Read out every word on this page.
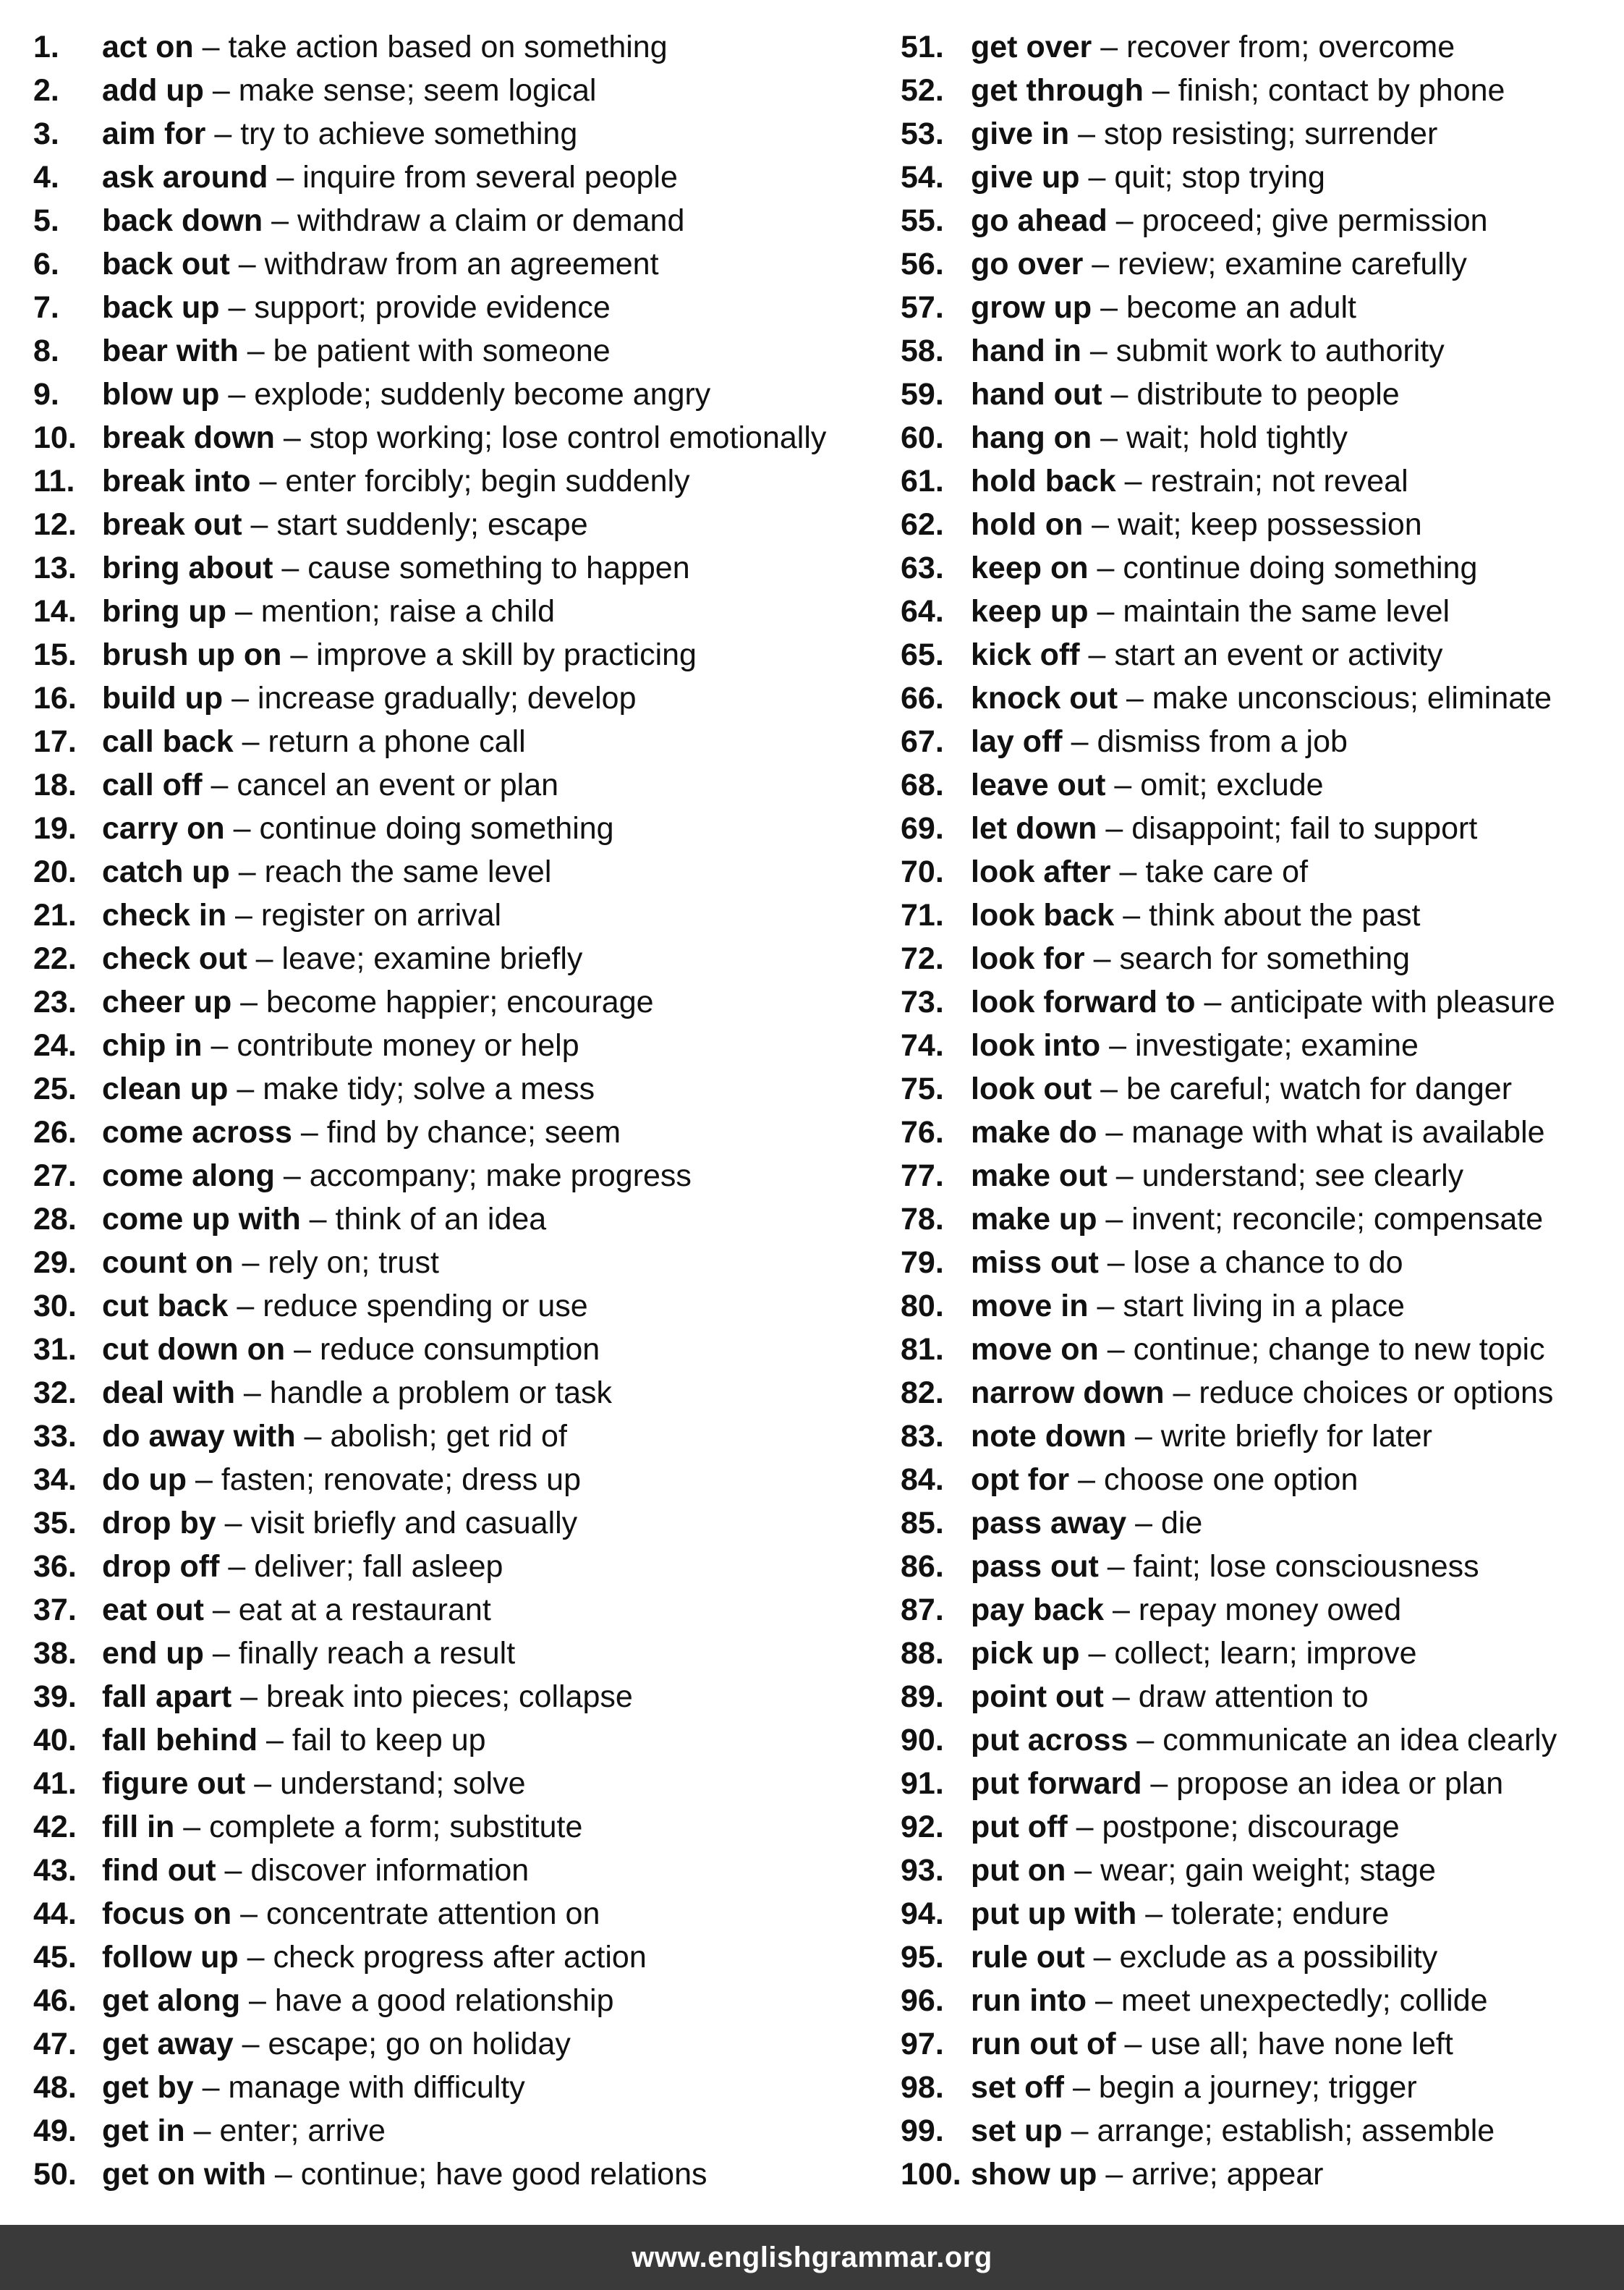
1. act on – take action based on something
2. add up – make sense; seem logical
3. aim for – try to achieve something
4. ask around – inquire from several people
5. back down – withdraw a claim or demand
6. back out – withdraw from an agreement
7. back up – support; provide evidence
8. bear with – be patient with someone
9. blow up – explode; suddenly become angry
10. break down – stop working; lose control emotionally
11. break into – enter forcibly; begin suddenly
12. break out – start suddenly; escape
13. bring about – cause something to happen
14. bring up – mention; raise a child
15. brush up on – improve a skill by practicing
16. build up – increase gradually; develop
17. call back – return a phone call
18. call off – cancel an event or plan
19. carry on – continue doing something
20. catch up – reach the same level
21. check in – register on arrival
22. check out – leave; examine briefly
23. cheer up – become happier; encourage
24. chip in – contribute money or help
25. clean up – make tidy; solve a mess
26. come across – find by chance; seem
27. come along – accompany; make progress
28. come up with – think of an idea
29. count on – rely on; trust
30. cut back – reduce spending or use
31. cut down on – reduce consumption
32. deal with – handle a problem or task
33. do away with – abolish; get rid of
34. do up – fasten; renovate; dress up
35. drop by – visit briefly and casually
36. drop off – deliver; fall asleep
37. eat out – eat at a restaurant
38. end up – finally reach a result
39. fall apart – break into pieces; collapse
40. fall behind – fail to keep up
41. figure out – understand; solve
42. fill in – complete a form; substitute
43. find out – discover information
44. focus on – concentrate attention on
45. follow up – check progress after action
46. get along – have a good relationship
47. get away – escape; go on holiday
48. get by – manage with difficulty
49. get in – enter; arrive
50. get on with – continue; have good relations
51. get over – recover from; overcome
52. get through – finish; contact by phone
53. give in – stop resisting; surrender
54. give up – quit; stop trying
55. go ahead – proceed; give permission
56. go over – review; examine carefully
57. grow up – become an adult
58. hand in – submit work to authority
59. hand out – distribute to people
60. hang on – wait; hold tightly
61. hold back – restrain; not reveal
62. hold on – wait; keep possession
63. keep on – continue doing something
64. keep up – maintain the same level
65. kick off – start an event or activity
66. knock out – make unconscious; eliminate
67. lay off – dismiss from a job
68. leave out – omit; exclude
69. let down – disappoint; fail to support
70. look after – take care of
71. look back – think about the past
72. look for – search for something
73. look forward to – anticipate with pleasure
74. look into – investigate; examine
75. look out – be careful; watch for danger
76. make do – manage with what is available
77. make out – understand; see clearly
78. make up – invent; reconcile; compensate
79. miss out – lose a chance to do
80. move in – start living in a place
81. move on – continue; change to new topic
82. narrow down – reduce choices or options
83. note down – write briefly for later
84. opt for – choose one option
85. pass away – die
86. pass out – faint; lose consciousness
87. pay back – repay money owed
88. pick up – collect; learn; improve
89. point out – draw attention to
90. put across – communicate an idea clearly
91. put forward – propose an idea or plan
92. put off – postpone; discourage
93. put on – wear; gain weight; stage
94. put up with – tolerate; endure
95. rule out – exclude as a possibility
96. run into – meet unexpectedly; collide
97. run out of – use all; have none left
98. set off – begin a journey; trigger
99. set up – arrange; establish; assemble
100. show up – arrive; appear
www.englishgrammar.org
